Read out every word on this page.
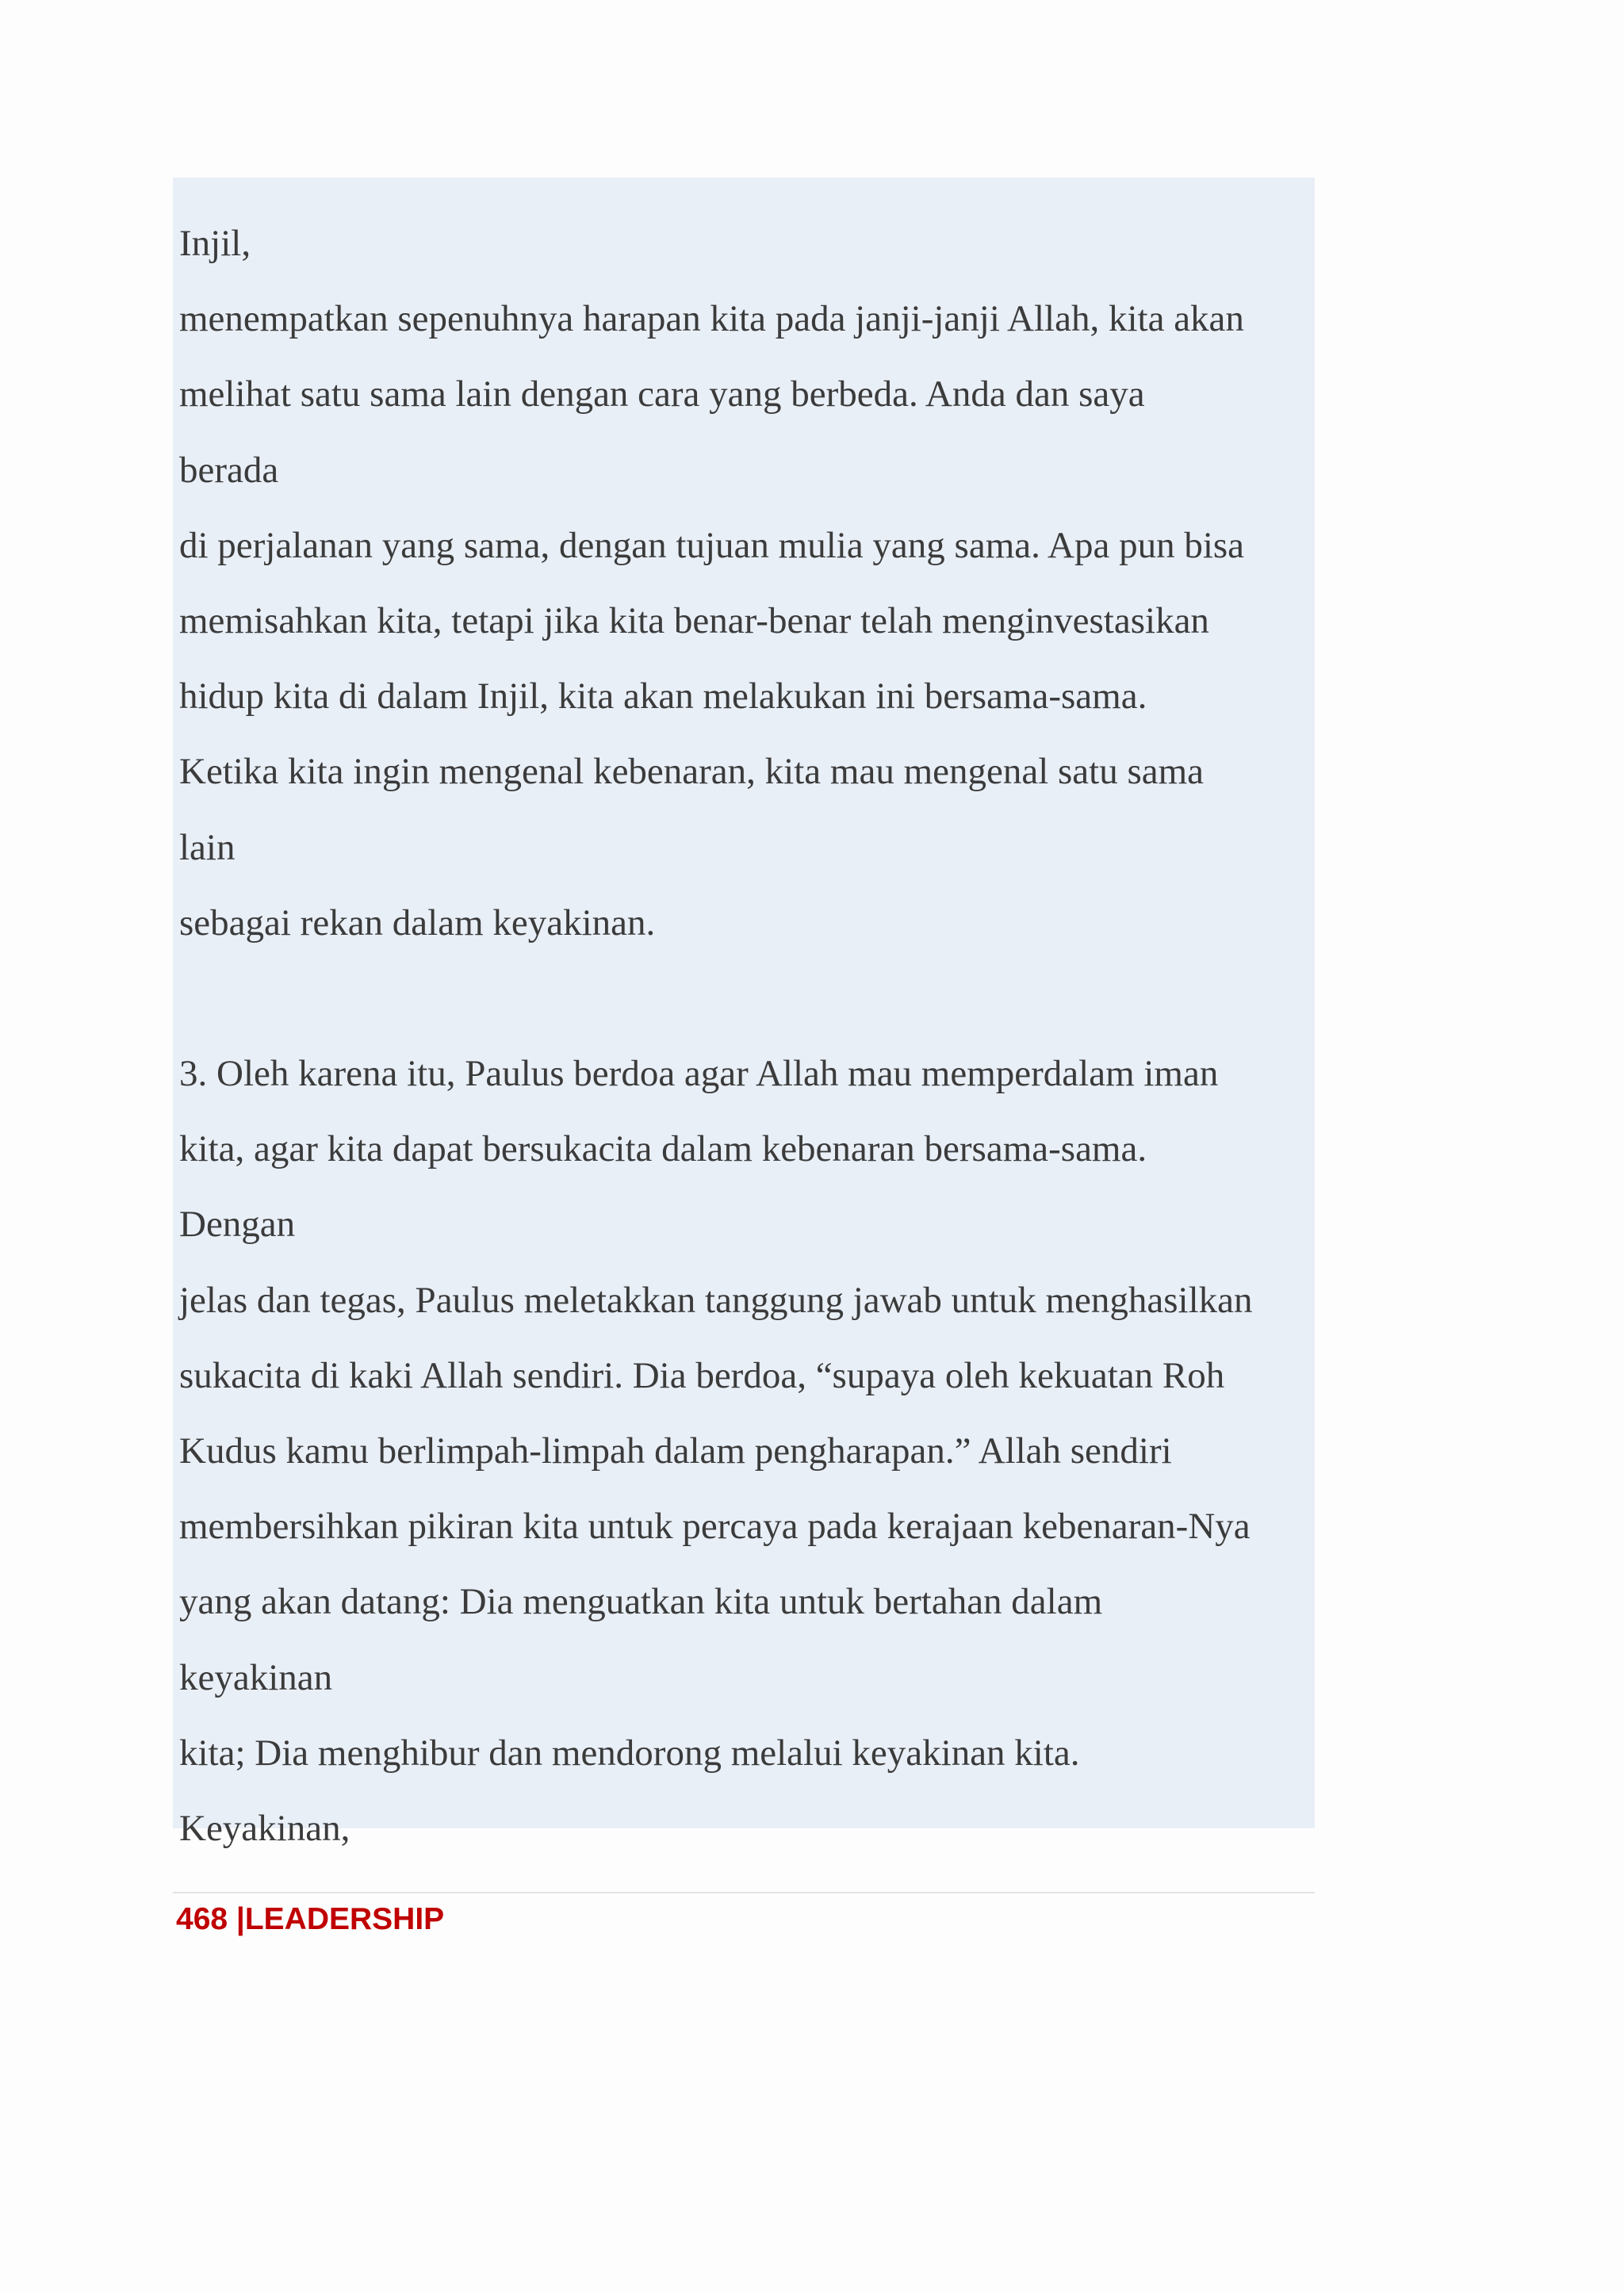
Injil,
menempatkan sepenuhnya harapan kita pada janji-janji Allah, kita akan
melihat satu sama lain dengan cara yang berbeda. Anda dan saya
berada
di perjalanan yang sama, dengan tujuan mulia yang sama. Apa pun bisa
memisahkan kita, tetapi jika kita benar-benar telah menginvestasikan
hidup kita di dalam Injil, kita akan melakukan ini bersama-sama.
Ketika kita ingin mengenal kebenaran, kita mau mengenal satu sama
lain
sebagai rekan dalam keyakinan.
3. Oleh karena itu, Paulus berdoa agar Allah mau memperdalam iman
kita, agar kita dapat bersukacita dalam kebenaran bersama-sama.
Dengan
jelas dan tegas, Paulus meletakkan tanggung jawab untuk menghasilkan
sukacita di kaki Allah sendiri. Dia berdoa, “supaya oleh kekuatan Roh
Kudus kamu berlimpah-limpah dalam pengharapan.” Allah sendiri
membersihkan pikiran kita untuk percaya pada kerajaan kebenaran-Nya
yang akan datang: Dia menguatkan kita untuk bertahan dalam
keyakinan
kita; Dia menghibur dan mendorong melalui keyakinan kita.
Keyakinan,
468 |LEADERSHIP
